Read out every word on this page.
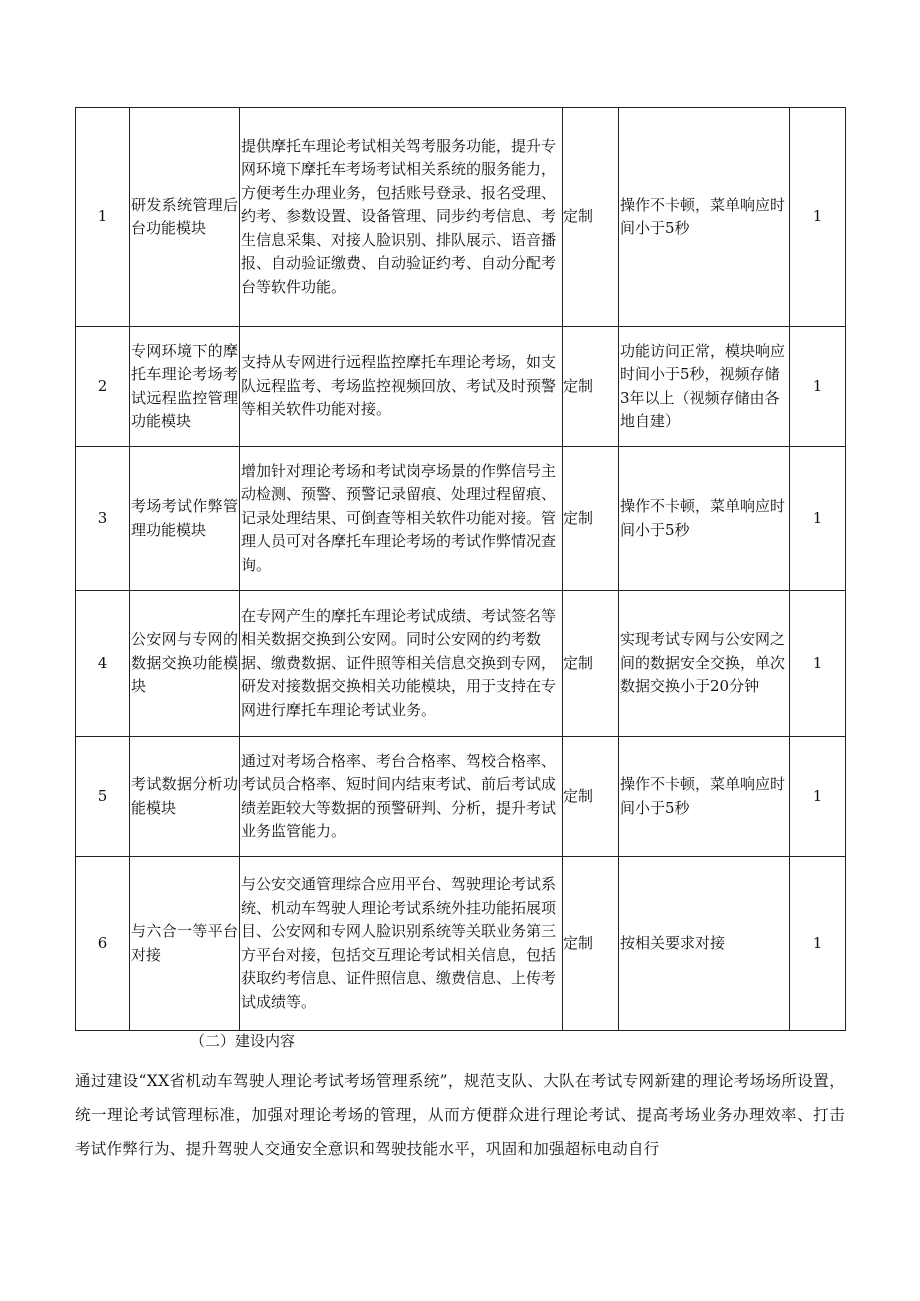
1	研发系统管理后台功能模块	提供摩托车理论考试相关驾考服务功能，提升专网环境下摩托车考场考试相关系统的服务能力，方便考生办理业务，包括账号登录、报名受理、约考、参数设置、设备管理、同步约考信息、考生信息采集、对接人脸识别、排队展示、语音播报、自动验证缴费、自动验证约考、自动分配考台等软件功能。	定制	操作不卡顿，菜单响应时间小于5秒	1
2	专网环境下的摩托车理论考场考试远程监控管理功能模块	支持从专网进行远程监控摩托车理论考场，如支队远程监考、考场监控视频回放、考试及时预警等相关软件功能对接。	定制	功能访问正常，模块响应时间小于5秒，视频存储3年以上（视频存储由各地自建）	1
3	考场考试作弊管理功能模块	增加针对理论考场和考试岗亭场景的作弊信号主动检测、预警、预警记录留痕、处理过程留痕、记录处理结果、可倒查等相关软件功能对接。管理人员可对各摩托车理论考场的考试作弊情况查询。	定制	操作不卡顿，菜单响应时间小于5秒	1
4	公安网与专网的数据交换功能模块	在专网产生的摩托车理论考试成绩、考试签名等相关数据交换到公安网。同时公安网的约考数据、缴费数据、证件照等相关信息交换到专网，研发对接数据交换相关功能模块，用于支持在专网进行摩托车理论考试业务。	定制	实现考试专网与公安网之间的数据安全交换，单次数据交换小于20分钟	1
5	考试数据分析功能模块	通过对考场合格率、考台合格率、驾校合格率、考试员合格率、短时间内结束考试、前后考试成绩差距较大等数据的预警研判、分析，提升考试业务监管能力。	定制	操作不卡顿，菜单响应时间小于5秒	1
6	与六合一等平台对接	与公安交通管理综合应用平台、驾驶理论考试系统、机动车驾驶人理论考试系统外挂功能拓展项目、公安网和专网人脸识别系统等关联业务第三方平台对接，包括交互理论考试相关信息，包括获取约考信息、证件照信息、缴费信息、上传考试成绩等。	定制	按相关要求对接	1
（二）建设内容
通过建设“XX省机动车驾驶人理论考试考场管理系统”，规范支队、大队在考试专网新建的理论考场场所设置，统一理论考试管理标准，加强对理论考场的管理，从而方便群众进行理论考试、提高考场业务办理效率、打击考试作弊行为、提升驾驶人交通安全意识和驾驶技能水平，巩固和加强超标电动自行
